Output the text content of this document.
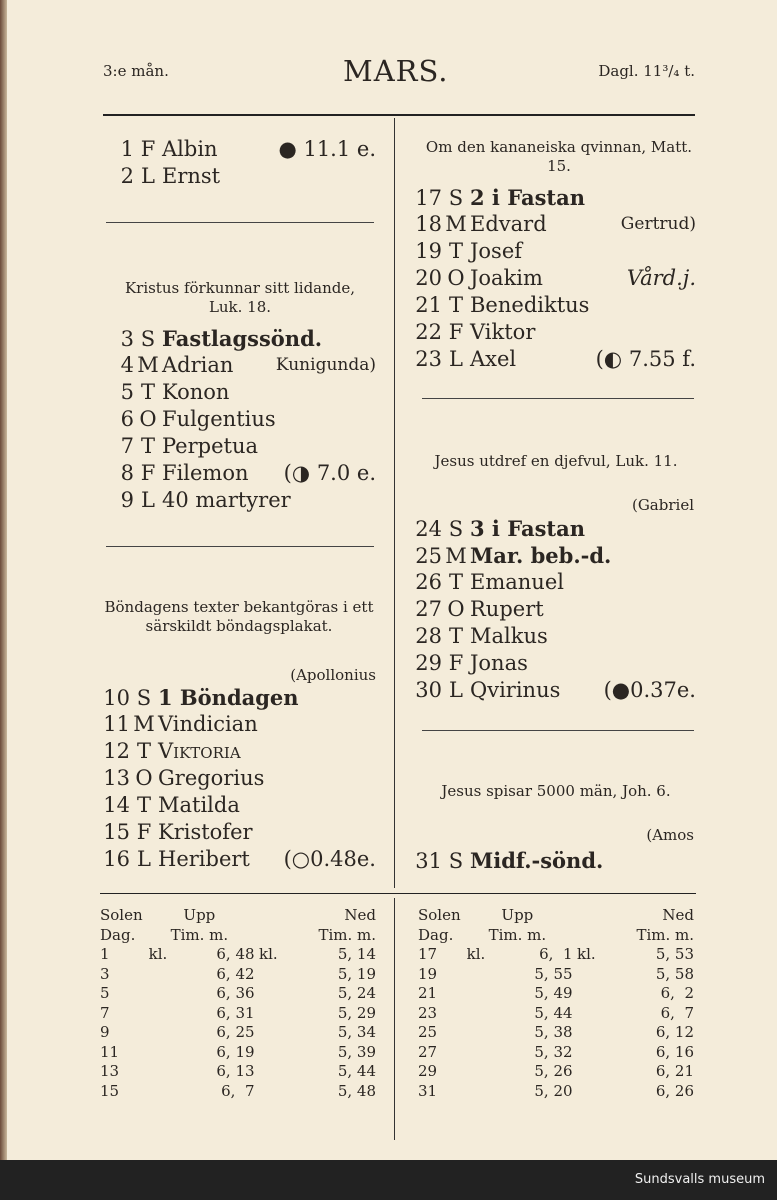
3:e mån.	MARS.	Dagl. 11³/₄ t.
1 F Albin	● 11.1 e.
2 L Ernst
Kristus förkunnar sitt lidande, Luk. 18.
3 S Fastlagssönd.
4 M Adrian Kunigunda)
5 T Konon
6 O Fulgentius
7 T Perpetua
8 F Filemon (◑ 7.0 e.
9 L 40 martyrer
Böndagens texter bekantgöras i ett särskildt böndagsplakat.
(Apollonius
10 S 1 Böndagen
11 M Vindician
12 T Viktoria
13 O Gregorius
14 T Matilda
15 F Kristofer
16 L Heribert (○0.48e.
Om den kananeiska qvinnan, Matt. 15.
17 S 2 i Fastan
18 M Edvard	Gertrud)
19 T Josef
20 O Joakim	Vård.j.
21 T Benediktus
22 F Viktor
23 L Axel	(◐ 7.55 f.
Jesus utdref en djefvul, Luk. 11.
(Gabriel
24 S 3 i Fastan
25 M Mar. beb.-d.
26 T Emanuel
27 O Rupert
28 T Malkus
29 F Jonas
30 L Qvirinus (●0.37e.
Jesus spisar 5000 män, Joh. 6.
(Amos
31 S Midf.-sönd.
Solen	Upp		Ned	
Dag.	Tim. m.		Tim. m.	
1	kl.	6, 48	kl.	5, 14
3		6, 42		5, 19
5		6, 36		5, 24
7		6, 31		5, 29
9		6, 25		5, 34
11		6, 19		5, 39
13		6, 13		5, 44
15		6,  7		5, 48
Solen	Upp		Ned	
Dag.	Tim. m.		Tim. m.	
17	kl.	6,  1	kl.	5, 53
19		5, 55		5, 58
21		5, 49		6,  2
23		5, 44		6,  7
25		5, 38		6, 12
27		5, 32		6, 16
29		5, 26		6, 21
31		5, 20		6, 26
Sundsvalls museum
